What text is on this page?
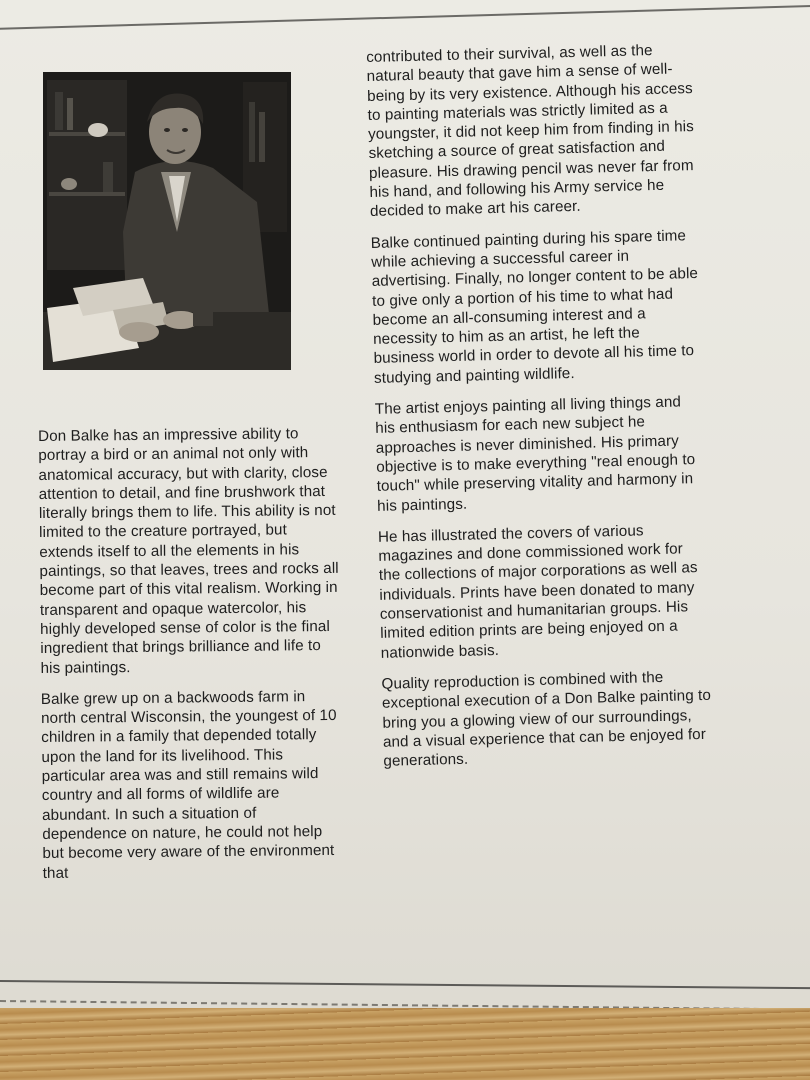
Don Balke has an impressive ability to portray a bird or an animal not only with anatomical accuracy, but with clarity, close attention to detail, and fine brushwork that literally brings them to life. This ability is not limited to the creature portrayed, but extends itself to all the elements in his paintings, so that leaves, trees and rocks all become part of this vital realism. Working in transparent and opaque watercolor, his highly developed sense of color is the final ingredient that brings brilliance and life to his paintings.

Balke grew up on a backwoods farm in north central Wisconsin, the youngest of 10 children in a family that depended totally upon the land for its livelihood. This particular area was and still remains wild country and all forms of wildlife are abundant. In such a situation of dependence on nature, he could not help but become very aware of the environment that

contributed to their survival, as well as the natural beauty that gave him a sense of well-being by its very existence. Although his access to painting materials was strictly limited as a youngster, it did not keep him from finding in his sketching a source of great satisfaction and pleasure. His drawing pencil was never far from his hand, and following his Army service he decided to make art his career.

Balke continued painting during his spare time while achieving a successful career in advertising. Finally, no longer content to be able to give only a portion of his time to what had become an all-consuming interest and a necessity to him as an artist, he left the business world in order to devote all his time to studying and painting wildlife.

The artist enjoys painting all living things and his enthusiasm for each new subject he approaches is never diminished. His primary objective is to make everything "real enough to touch" while preserving vitality and harmony in his paintings.

He has illustrated the covers of various magazines and done commissioned work for the collections of major corporations as well as individuals. Prints have been donated to many conservationist and humanitarian groups. His limited edition prints are being enjoyed on a nationwide basis.

Quality reproduction is combined with the exceptional execution of a Don Balke painting to bring you a glowing view of our surroundings, and a visual experience that can be enjoyed for generations.
